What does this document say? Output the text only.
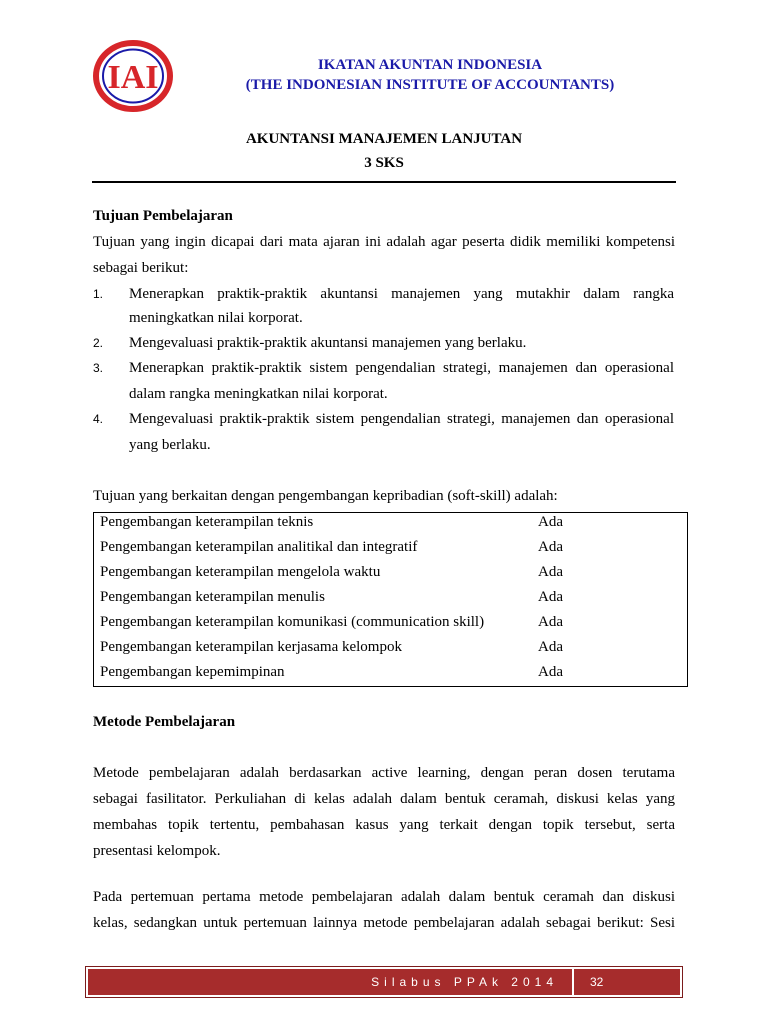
IAI	IKATAN AKUNTAN INDONESIA
(THE INDONESIAN INSTITUTE OF ACCOUNTANTS)
AKUNTANSI MANAJEMEN LANJUTAN
3 SKS
Tujuan Pembelajaran
Tujuan yang ingin dicapai dari mata ajaran ini adalah agar peserta didik memiliki kompetensi
sebagai berikut:
1. Menerapkan praktik-praktik akuntansi manajemen yang mutakhir dalam rangka
meningkatkan nilai korporat.
2. Mengevaluasi praktik-praktik akuntansi manajemen yang berlaku.
3. Menerapkan praktik-praktik sistem pengendalian strategi, manajemen dan operasional
dalam rangka meningkatkan nilai korporat.
4. Mengevaluasi praktik-praktik sistem pengendalian strategi, manajemen dan operasional
yang berlaku.
Tujuan yang berkaitan dengan pengembangan kepribadian (soft-skill) adalah:
Pengembangan keterampilan teknis	Ada
Pengembangan keterampilan analitikal dan integratif	Ada
Pengembangan keterampilan mengelola waktu	Ada
Pengembangan keterampilan menulis	Ada
Pengembangan keterampilan komunikasi (communication skill)	Ada
Pengembangan keterampilan kerjasama kelompok	Ada
Pengembangan kepemimpinan	Ada
Metode Pembelajaran
Metode pembelajaran adalah berdasarkan active learning, dengan peran dosen terutama
sebagai fasilitator. Perkuliahan di kelas adalah dalam bentuk ceramah, diskusi kelas yang
membahas topik tertentu, pembahasan kasus yang terkait dengan topik tersebut, serta
presentasi kelompok.
Pada pertemuan pertama metode pembelajaran adalah dalam bentuk ceramah dan diskusi
kelas, sedangkan untuk pertemuan lainnya metode pembelajaran adalah sebagai berikut: Sesi
Silabus PPAk 2014	32
